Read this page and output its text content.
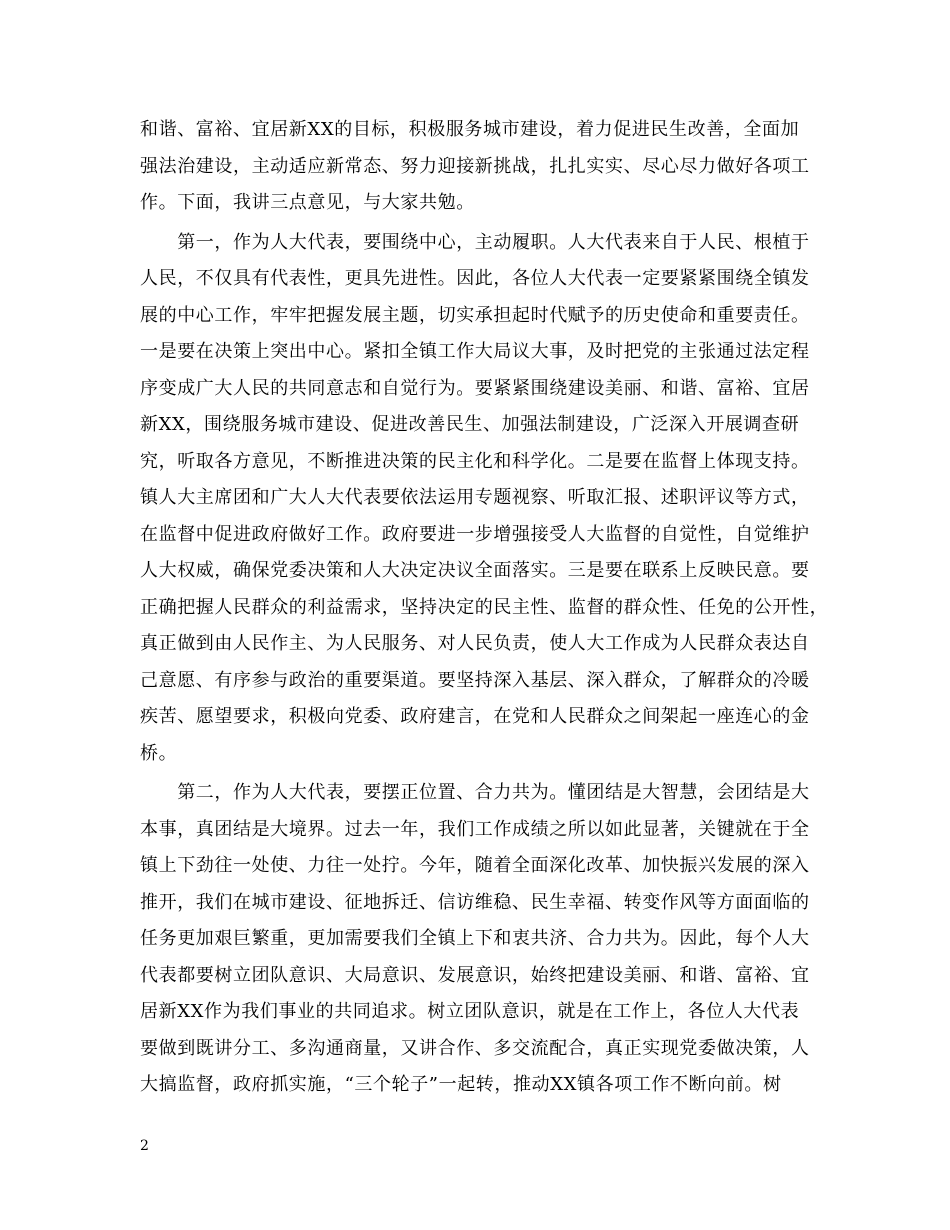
和谐、富裕、宜居新XX的目标，积极服务城市建设，着力促进民生改善，全面加
强法治建设，主动适应新常态、努力迎接新挑战，扎扎实实、尽心尽力做好各项工
作。下面，我讲三点意见，与大家共勉。
　　第一，作为人大代表，要围绕中心，主动履职。人大代表来自于人民、根植于
人民，不仅具有代表性，更具先进性。因此，各位人大代表一定要紧紧围绕全镇发
展的中心工作，牢牢把握发展主题，切实承担起时代赋予的历史使命和重要责任。
一是要在决策上突出中心。紧扣全镇工作大局议大事，及时把党的主张通过法定程
序变成广大人民的共同意志和自觉行为。要紧紧围绕建设美丽、和谐、富裕、宜居
新XX，围绕服务城市建设、促进改善民生、加强法制建设，广泛深入开展调查研
究，听取各方意见，不断推进决策的民主化和科学化。二是要在监督上体现支持。
镇人大主席团和广大人大代表要依法运用专题视察、听取汇报、述职评议等方式，
在监督中促进政府做好工作。政府要进一步增强接受人大监督的自觉性，自觉维护
人大权威，确保党委决策和人大决定决议全面落实。三是要在联系上反映民意。要
正确把握人民群众的利益需求，坚持决定的民主性、监督的群众性、任免的公开性，
真正做到由人民作主、为人民服务、对人民负责，使人大工作成为人民群众表达自
己意愿、有序参与政治的重要渠道。要坚持深入基层、深入群众，了解群众的冷暖
疾苦、愿望要求，积极向党委、政府建言，在党和人民群众之间架起一座连心的金
桥。
　　第二，作为人大代表，要摆正位置、合力共为。懂团结是大智慧，会团结是大
本事，真团结是大境界。过去一年，我们工作成绩之所以如此显著，关键就在于全
镇上下劲往一处使、力往一处拧。今年，随着全面深化改革、加快振兴发展的深入
推开，我们在城市建设、征地拆迁、信访维稳、民生幸福、转变作风等方面面临的
任务更加艰巨繁重，更加需要我们全镇上下和衷共济、合力共为。因此，每个人大
代表都要树立团队意识、大局意识、发展意识，始终把建设美丽、和谐、富裕、宜
居新XX作为我们事业的共同追求。树立团队意识，就是在工作上，各位人大代表
要做到既讲分工、多沟通商量，又讲合作、多交流配合，真正实现党委做决策，人
大搞监督，政府抓实施，“三个轮子”一起转，推动XX镇各项工作不断向前。树
2
